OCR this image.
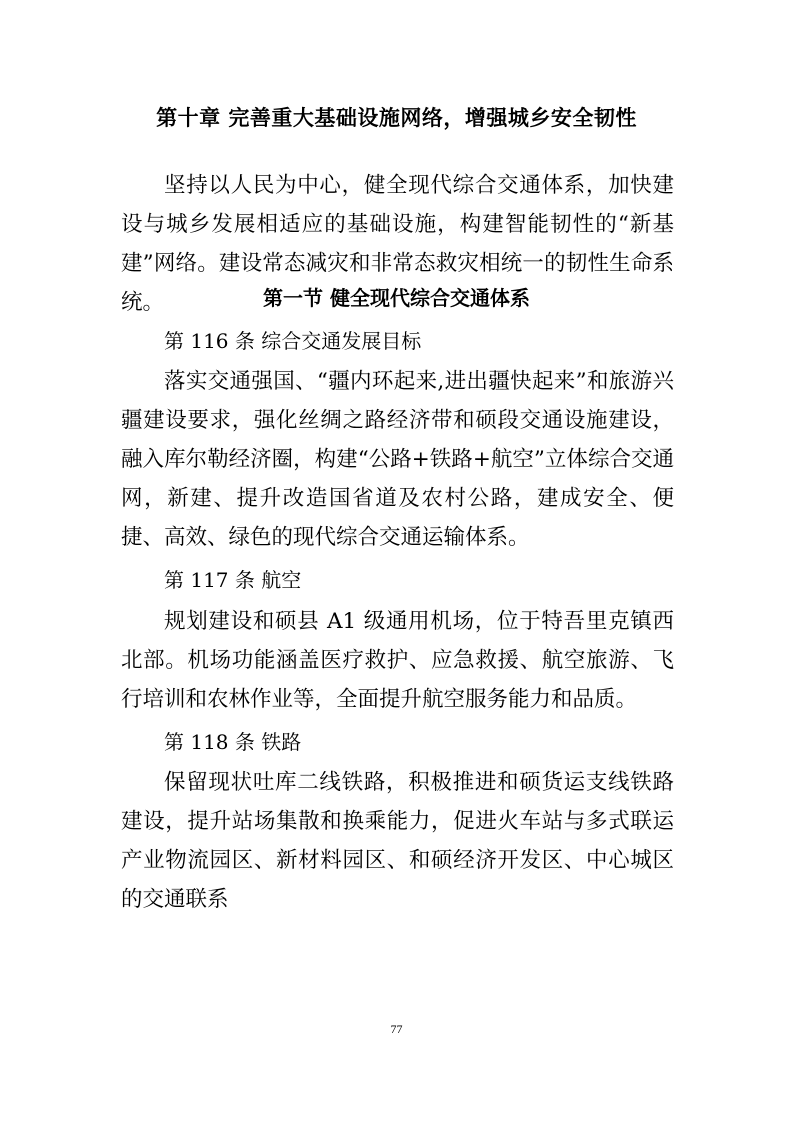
第十章 完善重大基础设施网络，增强城乡安全韧性

坚持以人民为中心，健全现代综合交通体系，加快建设与城乡发展相适应的基础设施，构建智能韧性的“新基建”网络。建设常态减灾和非常态救灾相统一的韧性生命系统。	第一节 健全现代综合交通体系
第 116 条 综合交通发展目标

落实交通强国、“疆内环起来,进出疆快起来”和旅游兴疆建设要求，强化丝绸之路经济带和硕段交通设施建设，融入库尔勒经济圈，构建“公路+铁路+航空”立体综合交通网，新建、提升改造国省道及农村公路，建成安全、便捷、高效、绿色的现代综合交通运输体系。

第 117 条 航空

规划建设和硕县 A1 级通用机场，位于特吾里克镇西北部。机场功能涵盖医疗救护、应急救援、航空旅游、飞行培训和农林作业等，全面提升航空服务能力和品质。

第 118 条 铁路

保留现状吐库二线铁路，积极推进和硕货运支线铁路建设，提升站场集散和换乘能力，促进火车站与多式联运产业物流园区、新材料园区、和硕经济开发区、中心城区的交通联系

77
